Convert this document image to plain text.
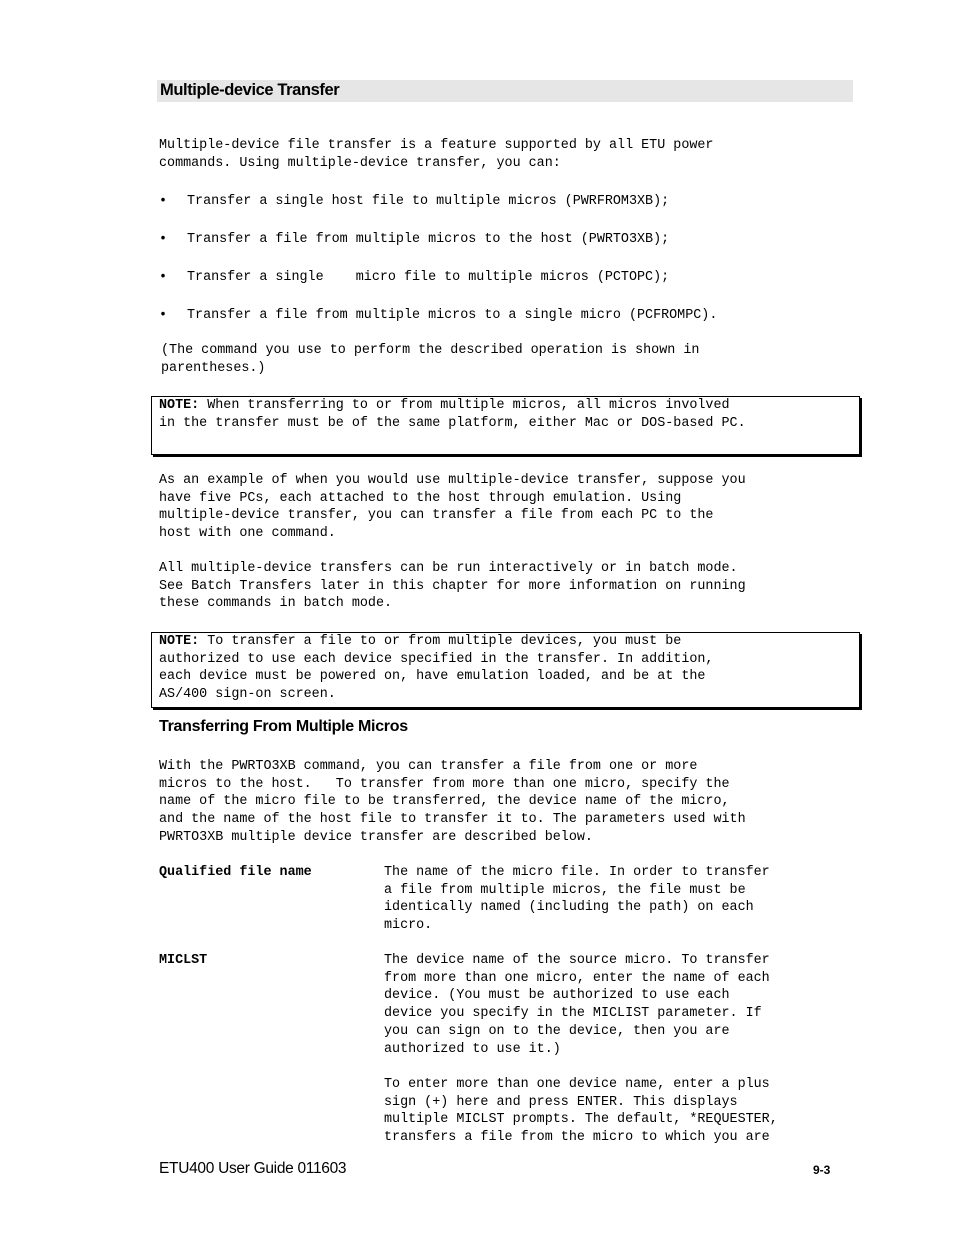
Multiple-device Transfer
Multiple-device file transfer is a feature supported by all ETU power
commands. Using multiple-device transfer, you can:

•

Transfer a single host file to multiple micros (PWRFROM3XB);

•

Transfer a file from multiple micros to the host (PWRTO3XB);

•

Transfer a single    micro file to multiple micros (PCTOPC);

•

Transfer a file from multiple micros to a single micro (PCFROMPC).

(The command you use to perform the described operation is shown in
parentheses.)
NOTE: When transferring to or from multiple micros, all micros involved
in the transfer must be of the same platform, either Mac or DOS-based PC.
As an example of when you would use multiple-device transfer, suppose you
have five PCs, each attached to the host through emulation. Using
multiple-device transfer, you can transfer a file from each PC to the
host with one command.
All multiple-device transfers can be run interactively or in batch mode.
See Batch Transfers later in this chapter for more information on running
these commands in batch mode.
NOTE: To transfer a file to or from multiple devices, you must be
authorized to use each device specified in the transfer. In addition,
each device must be powered on, have emulation loaded, and be at the
AS/400 sign-on screen.
Transferring From Multiple Micros
With the PWRTO3XB command, you can transfer a file from one or more
micros to the host.   To transfer from more than one micro, specify the
name of the micro file to be transferred, the device name of the micro,
and the name of the host file to transfer it to. The parameters used with
PWRTO3XB multiple device transfer are described below.
Qualified file name	The name of the micro file. In order to transfer
a file from multiple micros, the file must be
identically named (including the path) on each
micro.
MICLST	The device name of the source micro. To transfer
from more than one micro, enter the name of each
device. (You must be authorized to use each
device you specify in the MICLIST parameter. If
you can sign on to the device, then you are
authorized to use it.)
To enter more than one device name, enter a plus
sign (+) here and press ENTER. This displays
multiple MICLST prompts. The default, *REQUESTER,
transfers a file from the micro to which you are
ETU400 User Guide 011603	9-3
